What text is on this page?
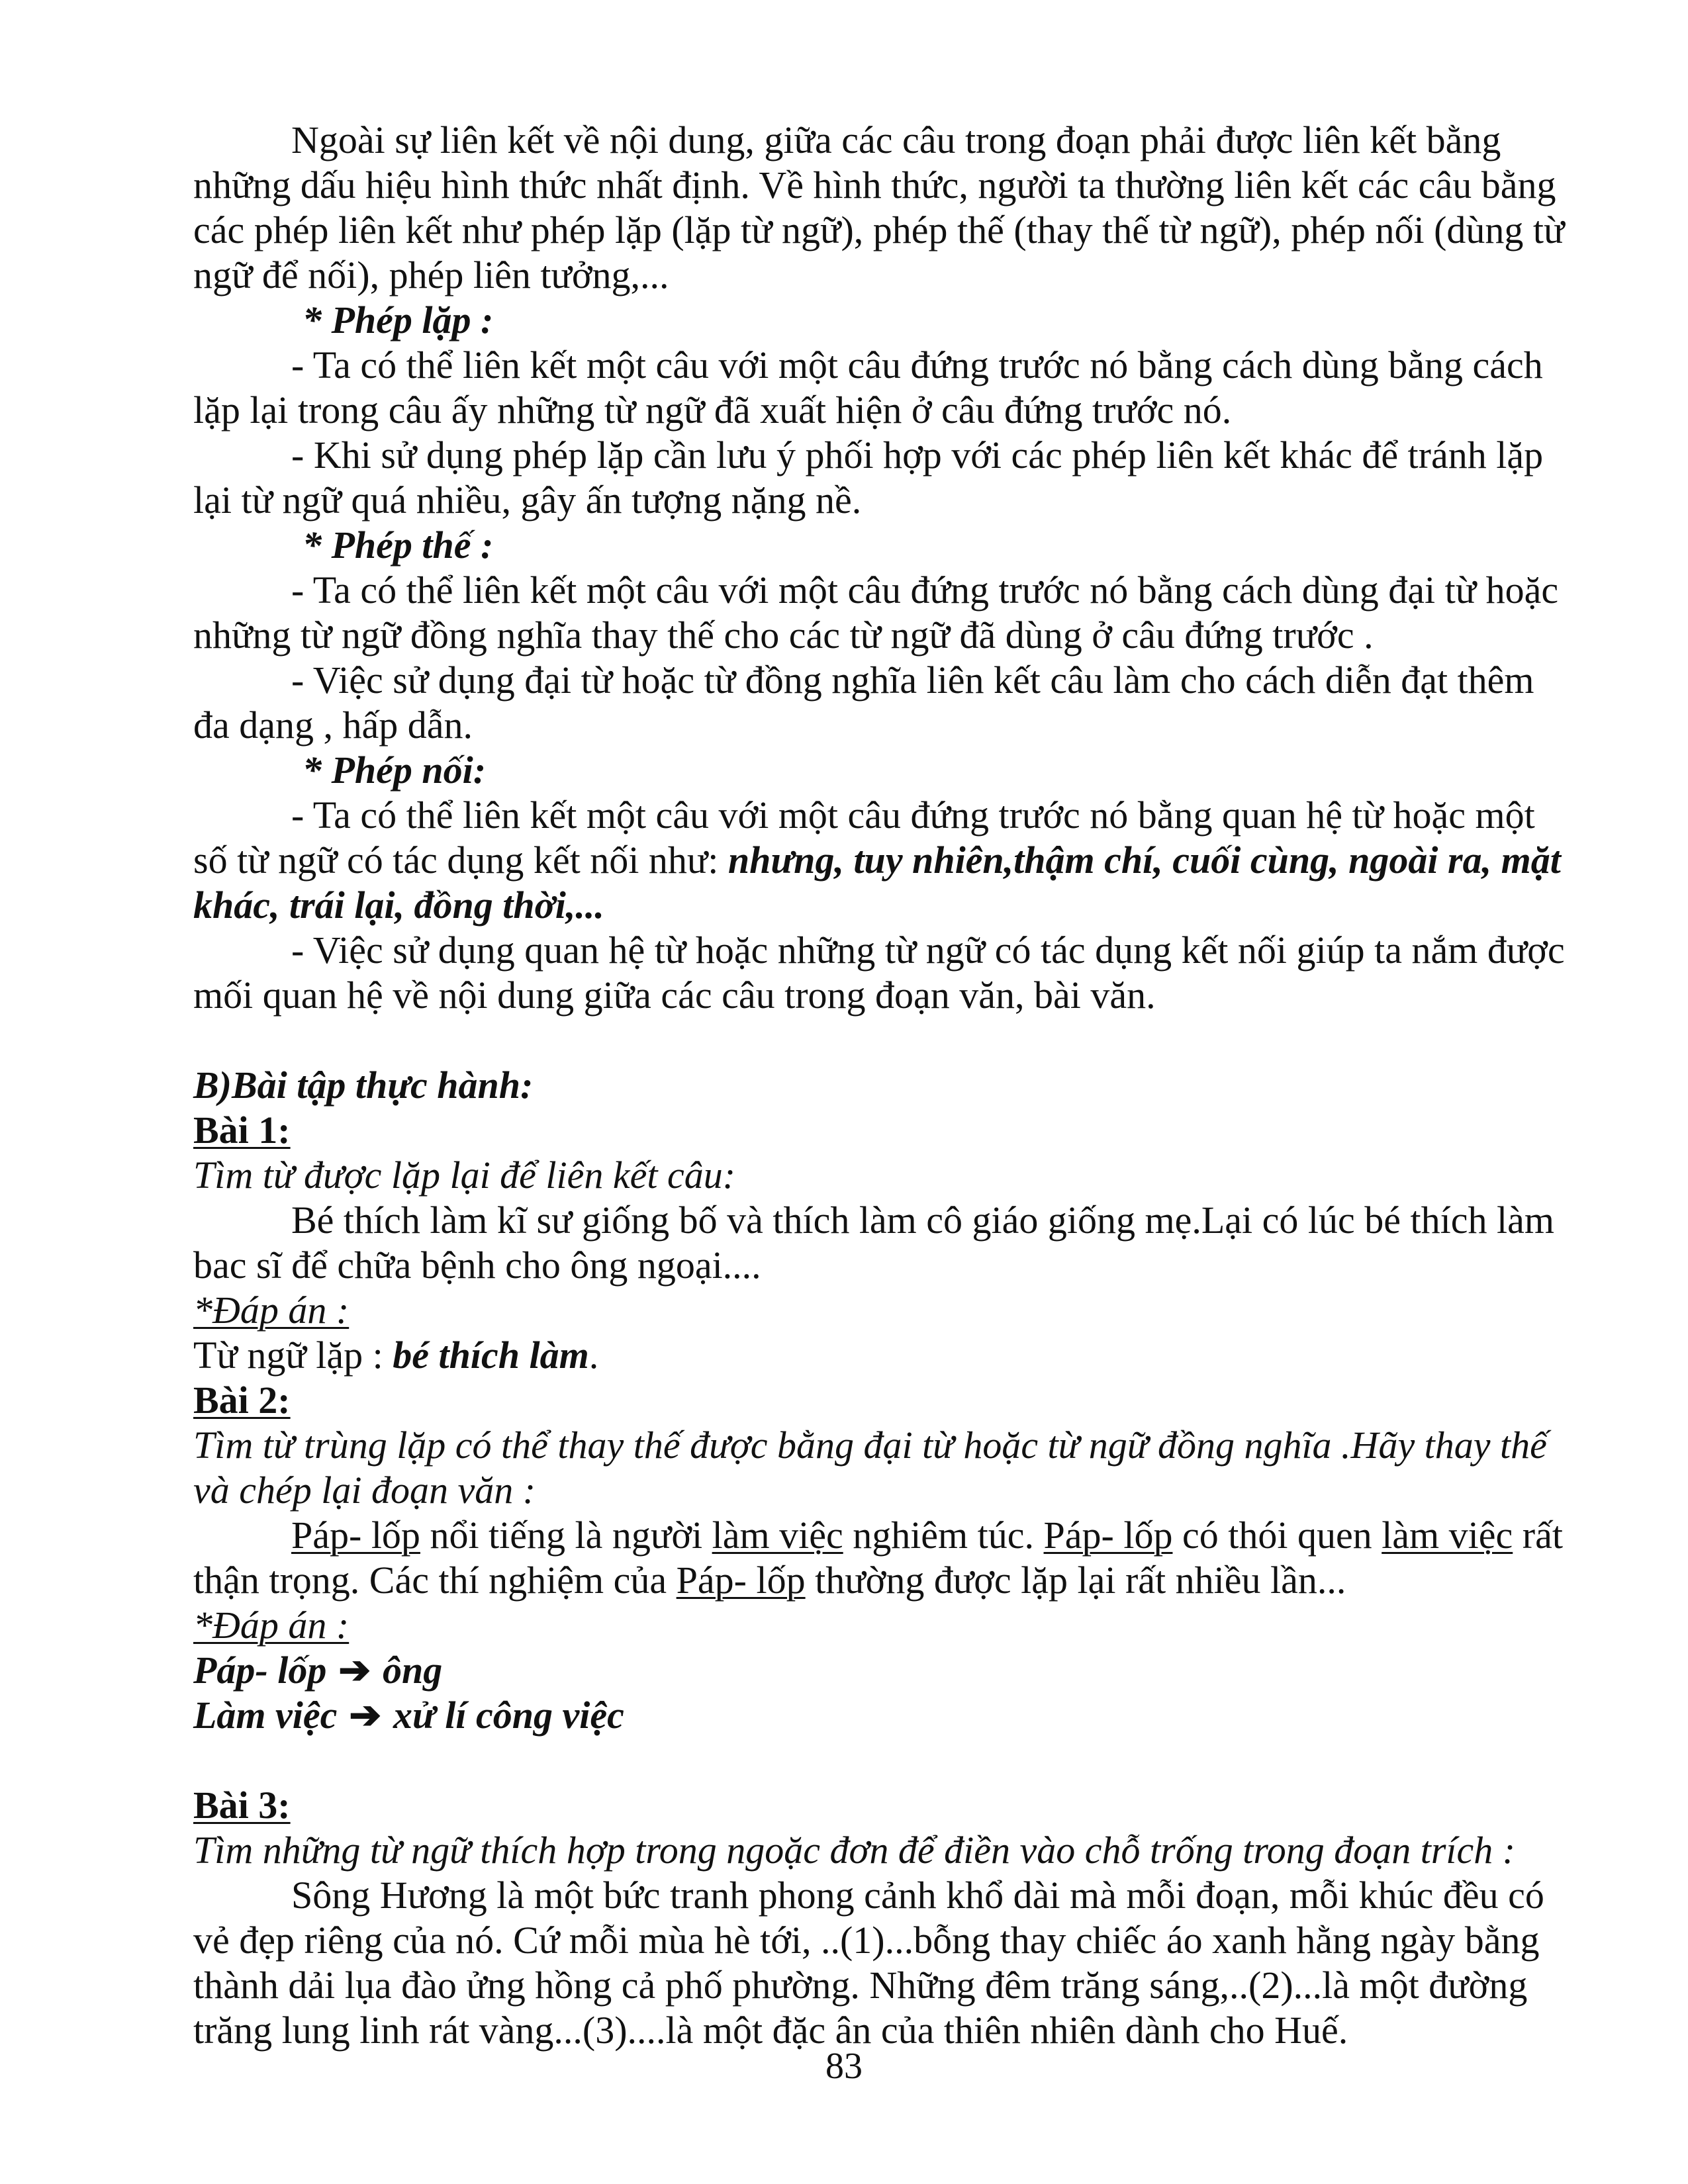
Ngoài sự liên kết về nội dung, giữa các câu trong đoạn phải được liên kết bằng những dấu hiệu hình thức nhất định. Về hình thức, người ta thường liên kết các câu bằng các phép liên kết như phép lặp (lặp từ ngữ), phép thế (thay thế từ ngữ), phép nối (dùng từ ngữ để nối), phép liên tưởng,...

* Phép lặp :

- Ta có thể liên kết một câu với một câu đứng trước nó bằng cách dùng bằng cách lặp lại trong câu ấy những từ ngữ đã xuất hiện ở câu đứng trước nó.

- Khi sử dụng phép lặp cần lưu ý phối hợp với các phép liên kết khác để tránh lặp lại từ ngữ quá nhiều, gây ấn tượng nặng nề.

* Phép thế :

- Ta có thể liên kết một câu với một câu đứng trước nó bằng cách dùng đại từ hoặc những từ ngữ đồng nghĩa thay thế cho các từ ngữ đã dùng ở câu đứng trước .

- Việc sử dụng đại từ hoặc từ đồng nghĩa liên kết câu làm cho cách diễn đạt thêm đa dạng , hấp dẫn.

* Phép nối:

- Ta có thể liên kết một câu với một câu đứng trước nó bằng quan hệ từ hoặc một số từ ngữ có tác dụng kết nối như: nhưng, tuy nhiên,thậm chí, cuối cùng, ngoài ra, mặt khác, trái lại, đồng thời,...

- Việc sử dụng quan hệ từ hoặc những từ ngữ có tác dụng kết nối giúp ta nắm được mối quan hệ về nội dung giữa các câu trong đoạn văn, bài văn.

B)Bài tập thực hành:

Bài 1:

Tìm từ được lặp lại để liên kết câu:

Bé thích làm kĩ sư giống bố và thích làm cô giáo giống mẹ.Lại có lúc bé thích làm bac sĩ để chữa bệnh cho ông ngoại....

*Đáp án :

Từ ngữ lặp : bé thích làm.

Bài 2:

Tìm từ trùng lặp có thể thay thế được bằng đại từ hoặc từ ngữ đồng nghĩa .Hãy thay thế và chép lại đoạn văn :

Páp- lốp nổi tiếng là người làm việc nghiêm túc. Páp- lốp có thói quen làm việc rất thận trọng. Các thí nghiệm của Páp- lốp thường được lặp lại rất nhiều lần...

*Đáp án :

Páp- lốp ➔ ông

Làm việc ➔ xử lí công việc

Bài 3:

Tìm những từ ngữ thích hợp trong ngoặc đơn để điền vào chỗ trống trong đoạn trích :

Sông Hương là một bức tranh phong cảnh khổ dài mà mỗi đoạn, mỗi khúc đều có vẻ đẹp riêng của nó. Cứ mỗi mùa hè tới, ..(1)...bỗng thay chiếc áo xanh hằng ngày bằng thành dải lụa đào ửng hồng cả phố phường. Những đêm trăng sáng,..(2)...là một đường trăng lung linh rát vàng...(3)....là một đặc ân của thiên nhiên dành cho Huế.

83
